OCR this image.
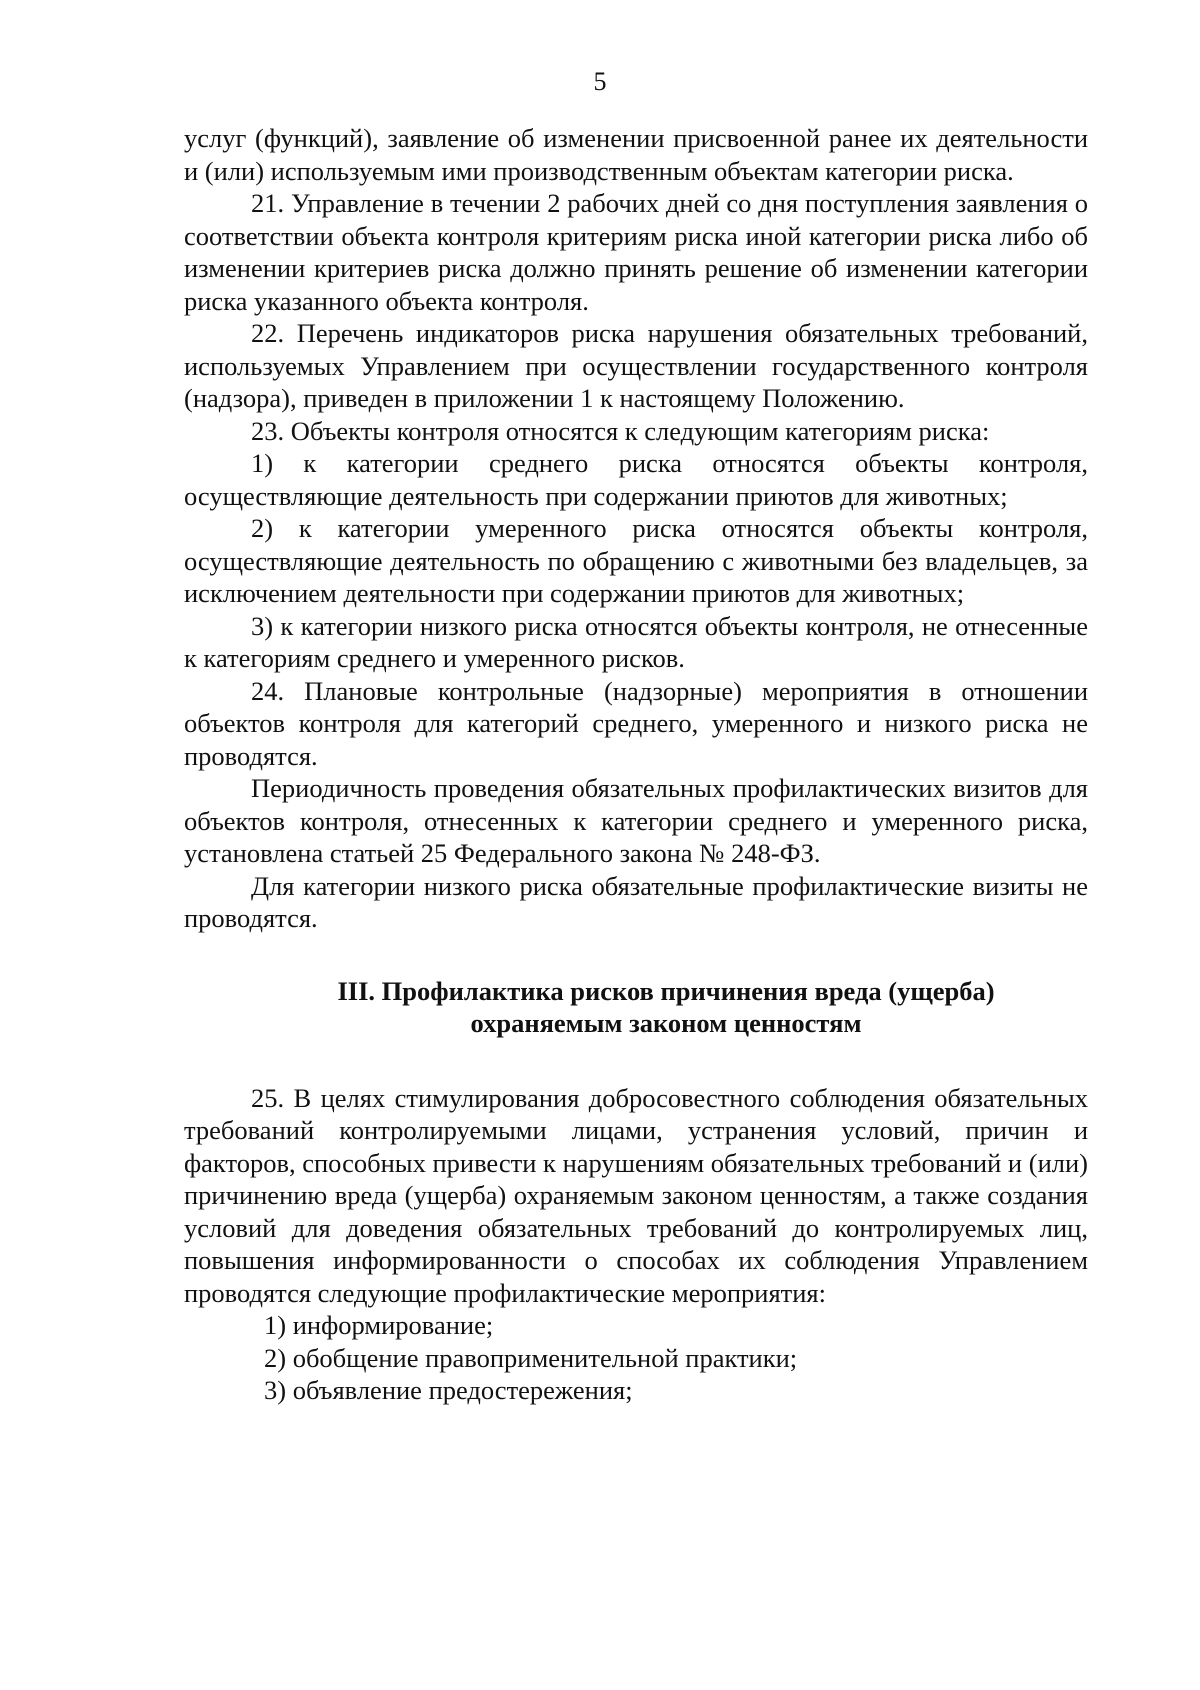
5

услуг (функций), заявление об изменении присвоенной ранее их деятельности и (или) используемым ими производственным объектам категории риска.

21. Управление в течении 2 рабочих дней со дня поступления заявления о соответствии объекта контроля критериям риска иной категории риска либо об изменении критериев риска должно принять решение об изменении категории риска указанного объекта контроля.

22. Перечень индикаторов риска нарушения обязательных требований, используемых Управлением при осуществлении государственного контроля (надзора), приведен в приложении 1 к настоящему Положению.

23. Объекты контроля относятся к следующим категориям риска:

1) к категории среднего риска относятся объекты контроля, осуществляющие деятельность при содержании приютов для животных;

2) к категории умеренного риска относятся объекты контроля, осуществляющие деятельность по обращению с животными без владельцев, за исключением деятельности при содержании приютов для животных;

3) к категории низкого риска относятся объекты контроля, не отнесенные к категориям среднего и умеренного рисков.

24. Плановые контрольные (надзорные) мероприятия в отношении объектов контроля для категорий среднего, умеренного и низкого риска не проводятся.

Периодичность проведения обязательных профилактических визитов для объектов контроля, отнесенных к категории среднего и умеренного риска, установлена статьей 25 Федерального закона № 248-ФЗ.

Для категории низкого риска обязательные профилактические визиты не проводятся.

III. Профилактика рисков причинения вреда (ущерба)
охраняемым законом ценностям

25. В целях стимулирования добросовестного соблюдения обязательных требований контролируемыми лицами, устранения условий, причин и факторов, способных привести к нарушениям обязательных требований и (или) причинению вреда (ущерба) охраняемым законом ценностям, а также создания условий для доведения обязательных требований до контролируемых лиц, повышения информированности о способах их соблюдения Управлением проводятся следующие профилактические мероприятия:

1) информирование;

2) обобщение правоприменительной практики;

3) объявление предостережения;
